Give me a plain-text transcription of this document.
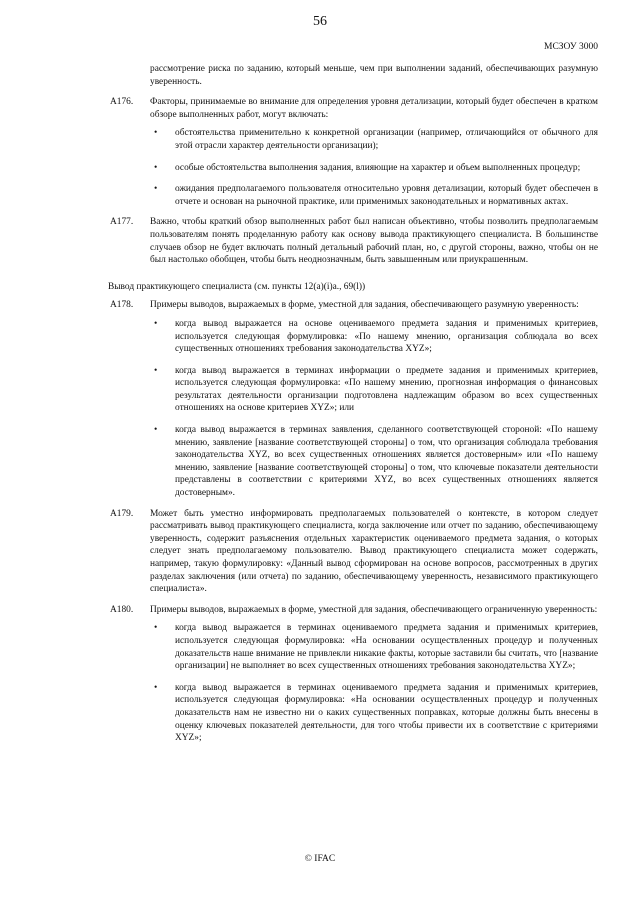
56
МСЗОУ 3000

рассмотрение риска по заданию, который меньше, чем при выполнении заданий, обеспечивающих разумную уверенность.

A176. Факторы, принимаемые во внимание для определения уровня детализации, который будет обеспечен в кратком обзоре выполненных работ, могут включать:

• обстоятельства применительно к конкретной организации (например, отличающийся от обычного для этой отрасли характер деятельности организации);

• особые обстоятельства выполнения задания, влияющие на характер и объем выполненных процедур;

• ожидания предполагаемого пользователя относительно уровня детализации, который будет обеспечен в отчете и основан на рыночной практике, или применимых законодательных и нормативных актах.

A177. Важно, чтобы краткий обзор выполненных работ был написан объективно, чтобы позволить предполагаемым пользователям понять проделанную работу как основу вывода практикующего специалиста. В большинстве случаев обзор не будет включать полный детальный рабочий план, но, с другой стороны, важно, чтобы он не был настолько обобщен, чтобы быть неоднозначным, быть завышенным или приукрашенным.

Вывод практикующего специалиста (см. пункты 12(a)(i)a., 69(l))

A178. Примеры выводов, выражаемых в форме, уместной для задания, обеспечивающего разумную уверенность:

• когда вывод выражается на основе оцениваемого предмета задания и применимых критериев, используется следующая формулировка: «По нашему мнению, организация соблюдала во всех существенных отношениях требования законодательства XYZ»;

• когда вывод выражается в терминах информации о предмете задания и применимых критериев, используется следующая формулировка: «По нашему мнению, прогнозная информация о финансовых результатах деятельности организации подготовлена надлежащим образом во всех существенных отношениях на основе критериев XYZ»; или

• когда вывод выражается в терминах заявления, сделанного соответствующей стороной: «По нашему мнению, заявление [название соответствующей стороны] о том, что организация соблюдала требования законодательства XYZ, во всех существенных отношениях является достоверным» или «По нашему мнению, заявление [название соответствующей стороны] о том, что ключевые показатели деятельности представлены в соответствии с критериями XYZ, во всех существенных отношениях является достоверным».

A179. Может быть уместно информировать предполагаемых пользователей о контексте, в котором следует рассматривать вывод практикующего специалиста, когда заключение или отчет по заданию, обеспечивающему уверенность, содержит разъяснения отдельных характеристик оцениваемого предмета задания, о которых следует знать предполагаемому пользователю. Вывод практикующего специалиста может содержать, например, такую формулировку: «Данный вывод сформирован на основе вопросов, рассмотренных в других разделах заключения (или отчета) по заданию, обеспечивающему уверенность, независимого практикующего специалиста».

A180. Примеры выводов, выражаемых в форме, уместной для задания, обеспечивающего ограниченную уверенность:

• когда вывод выражается в терминах оцениваемого предмета задания и применимых критериев, используется следующая формулировка: «На основании осуществленных процедур и полученных доказательств наше внимание не привлекли никакие факты, которые заставили бы считать, что [название организации] не выполняет во всех существенных отношениях требования законодательства XYZ»;

• когда вывод выражается в терминах оцениваемого предмета задания и применимых критериев, используется следующая формулировка: «На основании осуществленных процедур и полученных доказательств нам не известно ни о каких существенных поправках, которые должны быть внесены в оценку ключевых показателей деятельности, для того чтобы привести их в соответствие с критериями XYZ»;

© IFAC
